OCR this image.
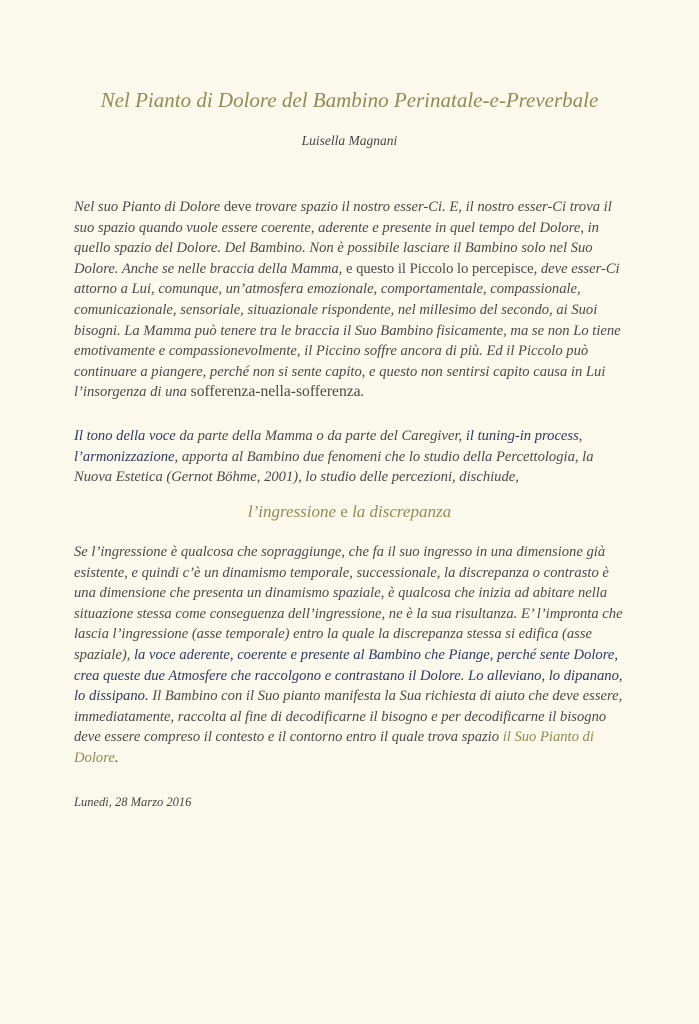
Nel Pianto di Dolore del Bambino Perinatale-e-Preverbale
Luisella Magnani

Nel suo Pianto di Dolore deve trovare spazio il nostro esser-Ci. E, il nostro esser-Ci trova il suo spazio quando vuole essere coerente, aderente e presente in quel tempo del Dolore, in quello spazio del Dolore. Del Bambino. Non è possibile lasciare il Bambino solo nel Suo Dolore. Anche se nelle braccia della Mamma, e questo il Piccolo lo percepisce, deve esser-Ci attorno a Lui, comunque, un’atmosfera emozionale, comportamentale, compassionale, comunicazionale, sensoriale, situazionale rispondente, nel millesimo del secondo, ai Suoi bisogni. La Mamma può tenere tra le braccia il Suo Bambino fisicamente, ma se non Lo tiene emotivamente e compassionevolmente, il Piccino soffre ancora di più. Ed il Piccolo può continuare a piangere, perché non si sente capito, e questo non sentirsi capito causa in Lui l’insorgenza di una sofferenza-nella-sofferenza.

Il tono della voce da parte della Mamma o da parte del Caregiver, il tuning-in process, l’armonizzazione, apporta al Bambino due fenomeni che lo studio della Percettologia, la Nuova Estetica (Gernot Böhme, 2001), lo studio delle percezioni, dischiude,

l’ingressione e la discrepanza

Se l’ingressione è qualcosa che sopraggiunge, che fa il suo ingresso in una dimensione già esistente, e quindi c’è un dinamismo temporale, successionale, la discrepanza o contrasto è una dimensione che presenta un dinamismo spaziale, è qualcosa che inizia ad abitare nella situazione stessa come conseguenza dell’ingressione, ne è la sua risultanza. E’ l’impronta che lascia l’ingressione (asse temporale) entro la quale la discrepanza stessa si edifica (asse spaziale), la voce aderente, coerente e presente al Bambino che Piange, perché sente Dolore, crea queste due Atmosfere che raccolgono e contrastano il Dolore. Lo alleviano, lo dipanano, lo dissipano. Il Bambino con il Suo pianto manifesta la Sua richiesta di aiuto che deve essere, immediatamente, raccolta al fine di decodificarne il bisogno e per decodificarne il bisogno deve essere compreso il contesto e il contorno entro il quale trova spazio il Suo Pianto di Dolore.

Lunedì, 28 Marzo 2016
